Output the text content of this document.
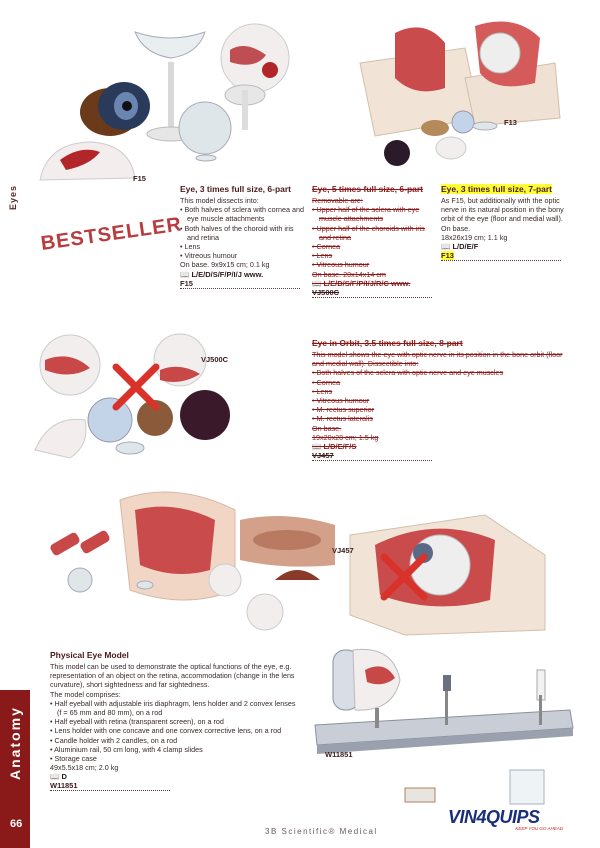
Eyes
F15
BESTSELLER
F13
Eye, 3 times full size, 6-part
This model dissects into:
• Both halves of sclera with cornea and eye muscle attachments
• Both halves of the choroid with iris and retina
• Lens
• Vitreous humour
On base. 9x9x15 cm; 0.1 kg
📖 L/E/D/S/F/P/I/J www.
F15
Eye, 5 times full size, 6-part
Removable are:
• Upper half of the sclera with eye muscle attachments
• Upper half of the choroids with iris and retina
• Cornea
• Lens
• Vitreous humour
On base. 20x14x14 cm
📖 L/E/D/S/F/P/I/J/R/C www.
VJ500C
Eye, 3 times full size, 7-part
As F15, but additionally with the optic nerve in its natural position in the bony orbit of the eye (floor and medial wall). On base.
18x26x19 cm; 1.1 kg
📖 L/D/E/F
F13
VJ500C
Eye in Orbit, 3.5 times full size, 8-part
This model shows the eye with optic nerve in its position in the bone orbit (floor and medial wall). Dissectible into:
• Both halves of the sclera with optic nerve and eye muscles
• Cornea
• Lens
• Vitreous humour
• M. rectus superior
• M. rectus lateralis
On base.
19x20x28 cm; 1.5 kg
📖 L/D/E/F/S
VJ457
VJ457
Physical Eye Model
This model can be used to demonstrate the optical functions of the eye, e.g. representation of an object on the retina, accommodation (change in the lens curvature), short sightedness and far sightedness.
The model comprises:
• Half eyeball with adjustable iris diaphragm, lens holder and 2 convex lenses (f = 65 mm and 80 mm), on a rod
• Half eyeball with retina (transparent screen), on a rod
• Lens holder with one concave and one convex corrective lens, on a rod
• Candle holder with 2 candles, on a rod
• Aluminium rail, 50 cm long, with 4 clamp slides
• Storage case
49x5.5x18 cm; 2.0 kg
📖 D
W11851
W11851
VIN4QUIPS
KEEP YOU GO AHEAD
Anatomy
66
3B Scientific® Medical
